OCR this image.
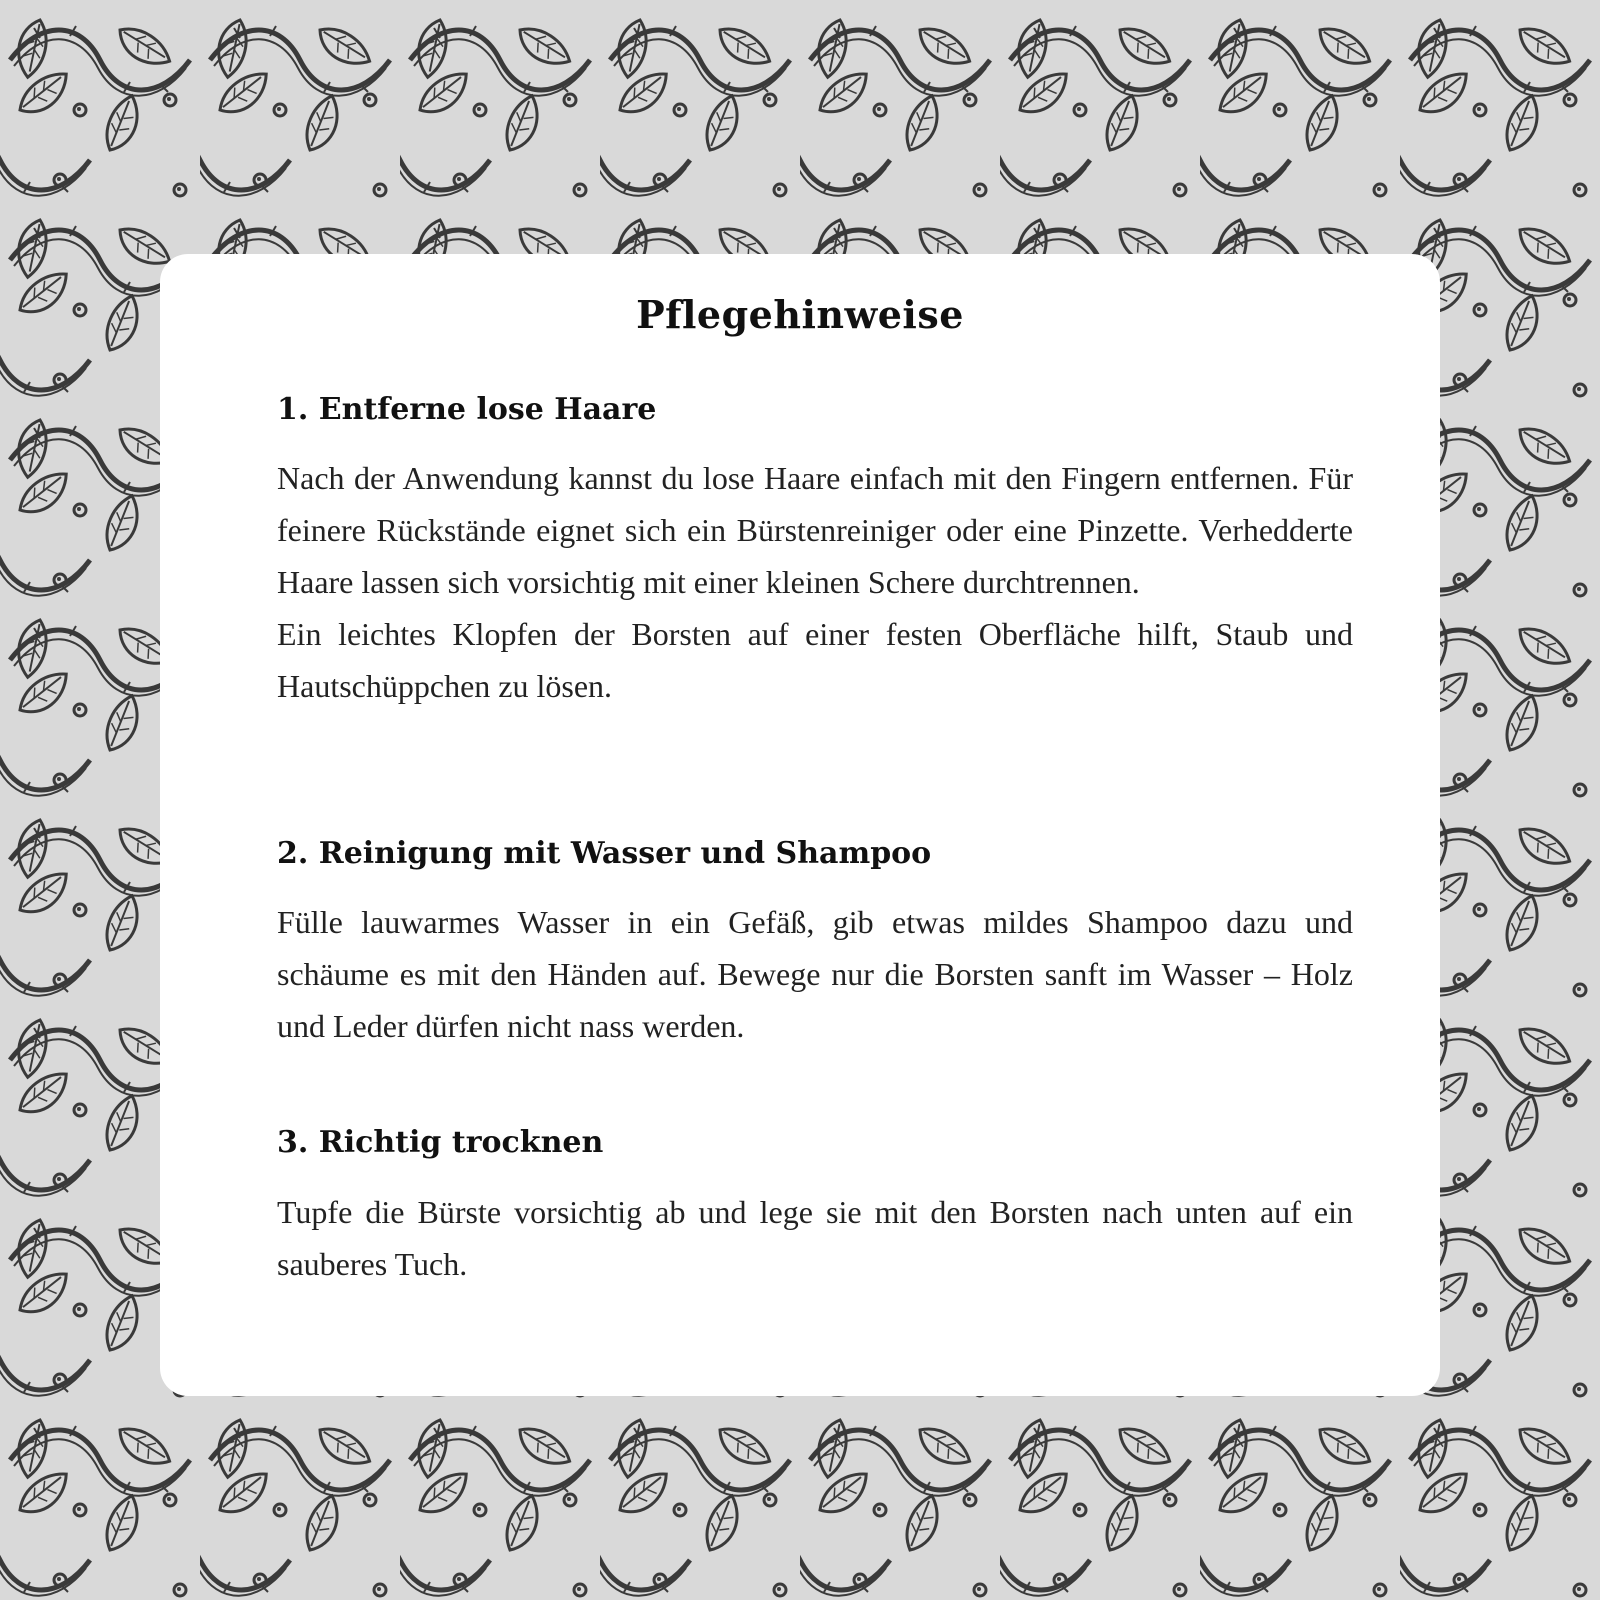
Pflegehinweise
1. Entferne lose Haare

Nach der Anwendung kannst du lose Haare einfach mit den Fingern entfernen. Für feinere Rückstände eignet sich ein Bürstenreiniger oder eine Pinzette. Verhedderte Haare lassen sich vorsichtig mit einer kleinen Schere durchtrennen.

Ein leichtes Klopfen der Borsten auf einer festen Oberfläche hilft, Staub und Hautschüppchen zu lösen.

2. Reinigung mit Wasser und Shampoo

Fülle lauwarmes Wasser in ein Gefäß, gib etwas mildes Shampoo dazu und schäume es mit den Händen auf. Bewege nur die Borsten sanft im Wasser – Holz und Leder dürfen nicht nass werden.

3. Richtig trocknen

Tupfe die Bürste vorsichtig ab und lege sie mit den Borsten nach unten auf ein sauberes Tuch.
